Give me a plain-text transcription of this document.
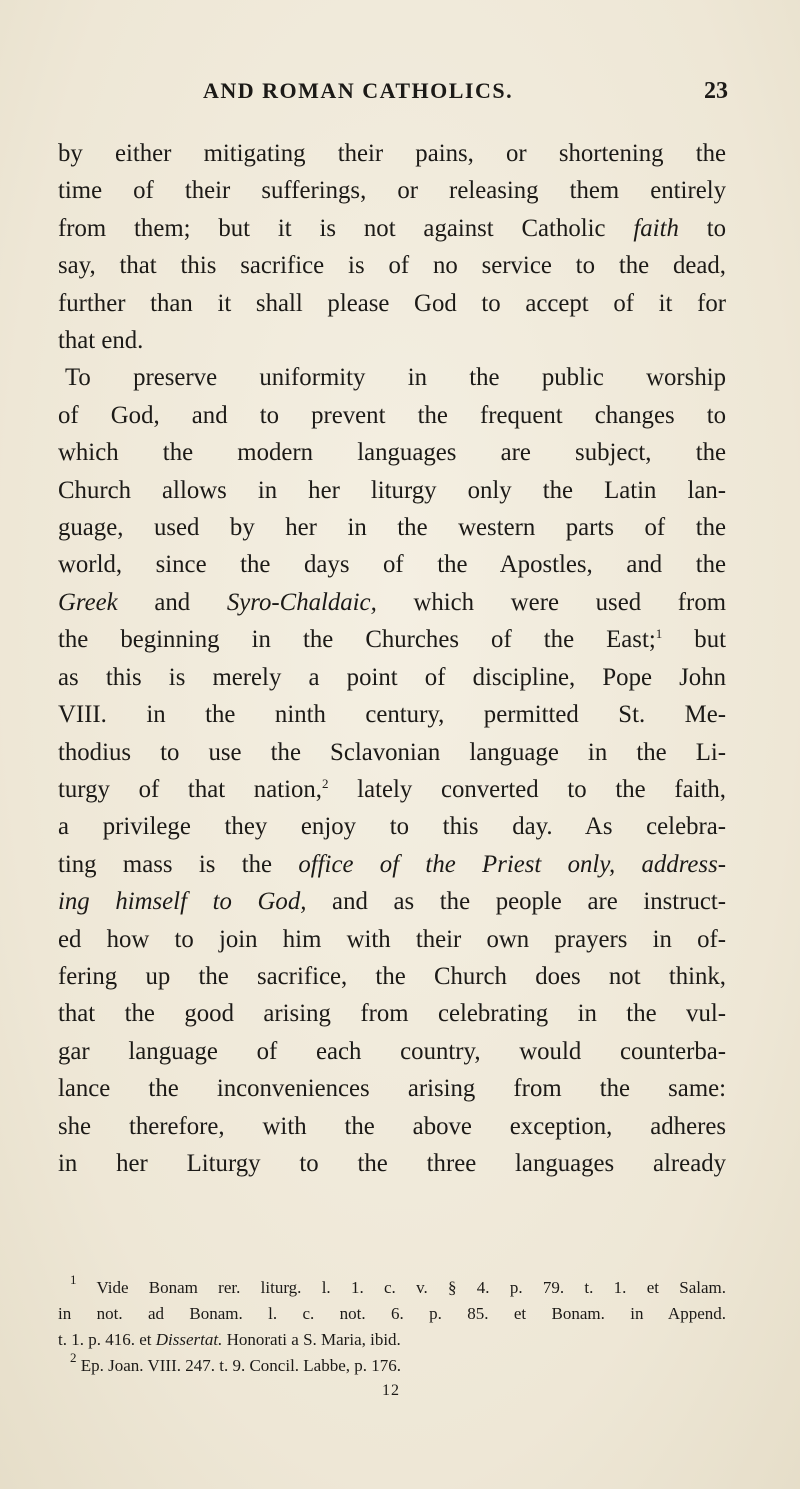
AND ROMAN CATHOLICS.	23
by either mitigating their pains, or shortening the
time of their sufferings, or releasing them entirely
from them; but it is not against Catholic faith to
say, that this sacrifice is of no service to the dead,
further than it shall please God to accept of it for
that end.
To preserve uniformity in the public worship
of God, and to prevent the frequent changes to
which the modern languages are subject, the
Church allows in her liturgy only the Latin lan-
guage, used by her in the western parts of the
world, since the days of the Apostles, and the
Greek and Syro-Chaldaic, which were used from
the beginning in the Churches of the East;$^1$ but
as this is merely a point of discipline, Pope John
VIII. in the ninth century, permitted St. Me-
thodius to use the Sclavonian language in the Li-
turgy of that nation,$^2$ lately converted to the faith,
a privilege they enjoy to this day. As celebra-
ting mass is the office of the Priest only, address-
ing himself to God, and as the people are instruct-
ed how to join him with their own prayers in of-
fering up the sacrifice, the Church does not think,
that the good arising from celebrating in the vul-
gar language of each country, would counterba-
lance the inconveniences arising from the same:
she therefore, with the above exception, adheres
in her Liturgy to the three languages already
$^1$ Vide Bonam rer. liturg. l. 1. c. v. § 4. p. 79. t. 1. et Salam.
in not. ad Bonam. l. c. not. 6. p. 85. et Bonam. in Append.
t. 1. p. 416. et Dissertat. Honorati a S. Maria, ibid.
$^2$ Ep. Joan. VIII. 247. t. 9. Concil. Labbe, p. 176.
12
